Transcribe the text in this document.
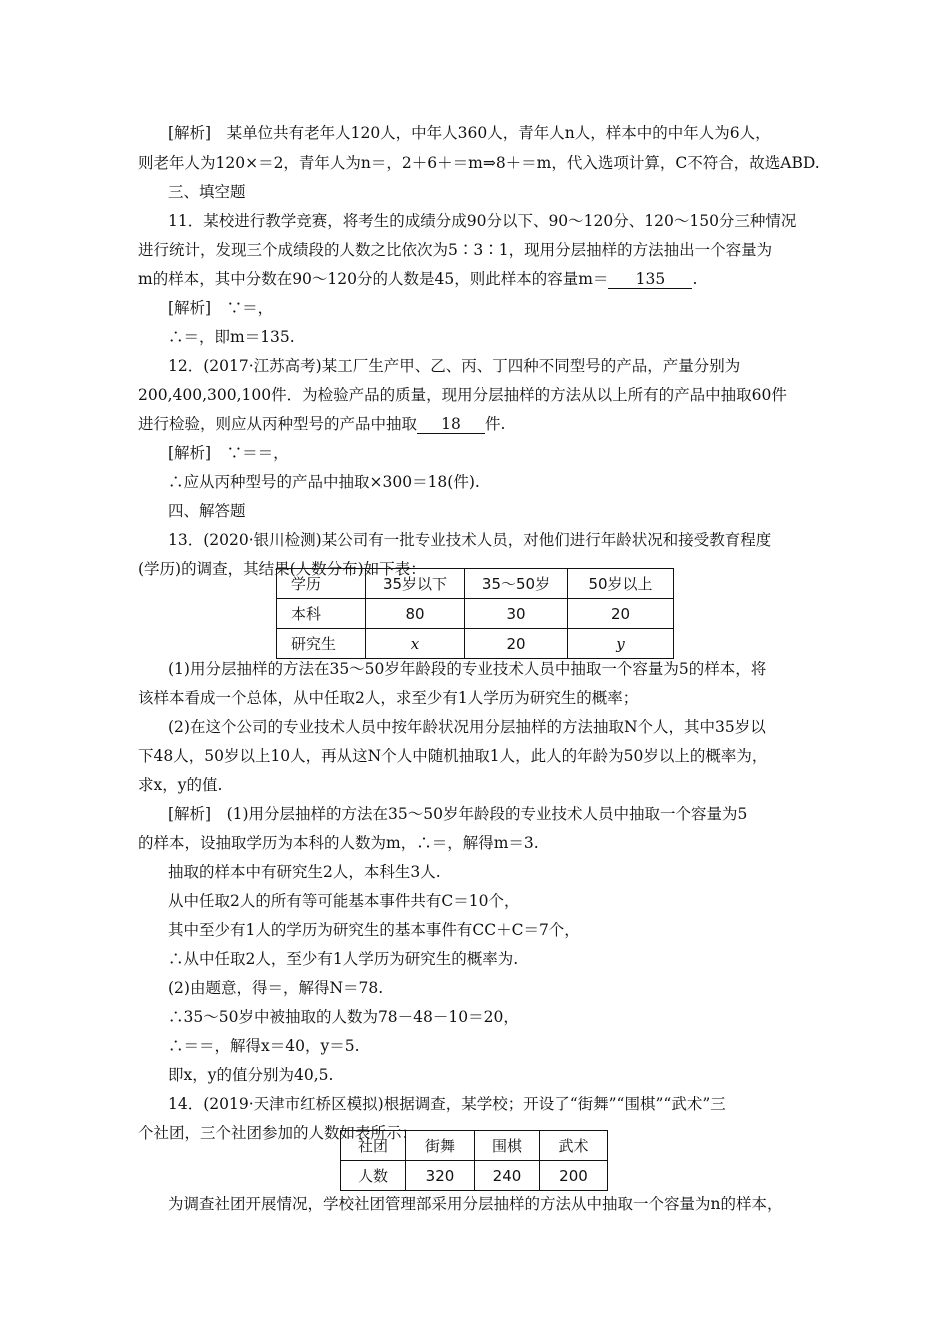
[解析]　某单位共有老年人120人，中年人360人，青年人n人，样本中的中年人为6人，
则老年人为120×＝2，青年人为n＝，2＋6＋＝m⇒8＋＝m，代入选项计算，C不符合，故选ABD.
三、填空题
11．某校进行教学竞赛，将考生的成绩分成90分以下、90～120分、120～150分三种情况
进行统计，发现三个成绩段的人数之比依次为5∶3∶1，现用分层抽样的方法抽出一个容量为
m的样本，其中分数在90～120分的人数是45，则此样本的容量m＝ 135 .
[解析]　∵＝，
∴＝，即m＝135.
12．(2017·江苏高考)某工厂生产甲、乙、丙、丁四种不同型号的产品，产量分别为
200,400,300,100件．为检验产品的质量，现用分层抽样的方法从以上所有的产品中抽取60件
进行检验，则应从丙种型号的产品中抽取 18 件.
[解析]　∵＝＝，
∴应从丙种型号的产品中抽取×300＝18(件).
四、解答题
13．(2020·银川检测)某公司有一批专业技术人员，对他们进行年龄状况和接受教育程度
(学历)的调查，其结果(人数分布)如下表：
学历	35岁以下	35～50岁	50岁以上
本科	80	30	20
研究生	x	20	y
(1)用分层抽样的方法在35～50岁年龄段的专业技术人员中抽取一个容量为5的样本，将
该样本看成一个总体，从中任取2人，求至少有1人学历为研究生的概率；
(2)在这个公司的专业技术人员中按年龄状况用分层抽样的方法抽取N个人，其中35岁以
下48人，50岁以上10人，再从这N个人中随机抽取1人，此人的年龄为50岁以上的概率为，
求x，y的值.
[解析]　(1)用分层抽样的方法在35～50岁年龄段的专业技术人员中抽取一个容量为5
的样本，设抽取学历为本科的人数为m，∴＝，解得m＝3.
抽取的样本中有研究生2人，本科生3人.
从中任取2人的所有等可能基本事件共有C＝10个，
其中至少有1人的学历为研究生的基本事件有CC＋C＝7个，
∴从中任取2人，至少有1人学历为研究生的概率为.
(2)由题意，得＝，解得N＝78.
∴35～50岁中被抽取的人数为78－48－10＝20，
∴＝＝，解得x＝40，y＝5.
即x，y的值分别为40,5.
14．(2019·天津市红桥区模拟)根据调查，某学校；开设了“街舞”“围棋”“武术”三
个社团，三个社团参加的人数如表所示：
社团	街舞	围棋	武术
人数	320	240	200
为调查社团开展情况，学校社团管理部采用分层抽样的方法从中抽取一个容量为n的样本，
